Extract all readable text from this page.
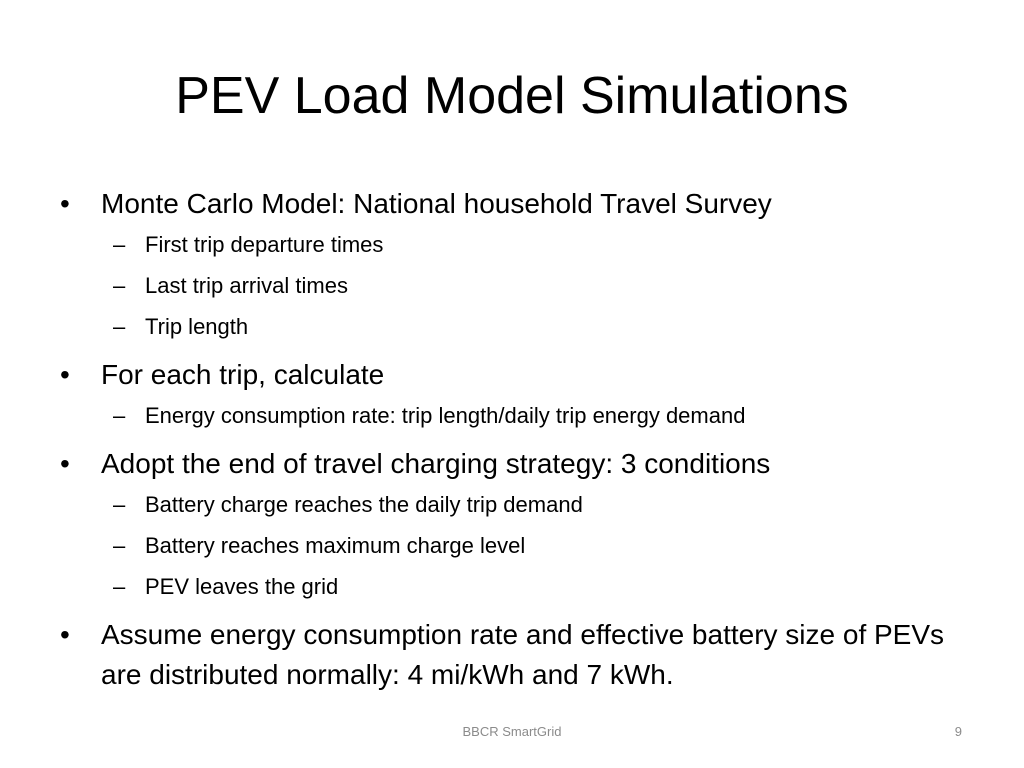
PEV Load Model Simulations
•	Monte Carlo Model: National household Travel Survey
– First trip departure times
– Last trip arrival times
– Trip length
•	For each trip, calculate
– Energy consumption rate: trip length/daily trip energy demand
•	Adopt the end of travel charging strategy: 3 conditions
– Battery charge reaches the daily trip demand
– Battery reaches maximum charge level
– PEV leaves the grid
•	Assume energy consumption rate and effective battery size of PEVs are distributed normally: 4 mi/kWh and 7 kWh.
BBCR SmartGrid	9
